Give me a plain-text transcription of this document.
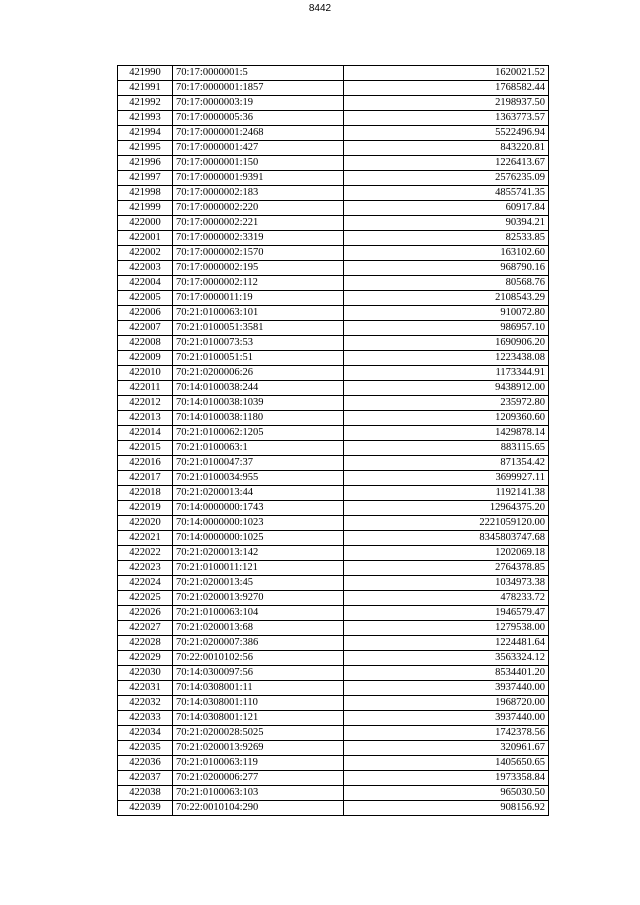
8442
421990	70:17:0000001:5	1620021.52
421991	70:17:0000001:1857	1768582.44
421992	70:17:0000003:19	2198937.50
421993	70:17:0000005:36	1363773.57
421994	70:17:0000001:2468	5522496.94
421995	70:17:0000001:427	843220.81
421996	70:17:0000001:150	1226413.67
421997	70:17:0000001:9391	2576235.09
421998	70:17:0000002:183	4855741.35
421999	70:17:0000002:220	60917.84
422000	70:17:0000002:221	90394.21
422001	70:17:0000002:3319	82533.85
422002	70:17:0000002:1570	163102.60
422003	70:17:0000002:195	968790.16
422004	70:17:0000002:112	80568.76
422005	70:17:0000011:19	2108543.29
422006	70:21:0100063:101	910072.80
422007	70:21:0100051:3581	986957.10
422008	70:21:0100073:53	1690906.20
422009	70:21:0100051:51	1223438.08
422010	70:21:0200006:26	1173344.91
422011	70:14:0100038:244	9438912.00
422012	70:14:0100038:1039	235972.80
422013	70:14:0100038:1180	1209360.60
422014	70:21:0100062:1205	1429878.14
422015	70:21:0100063:1	883115.65
422016	70:21:0100047:37	871354.42
422017	70:21:0100034:955	3699927.11
422018	70:21:0200013:44	1192141.38
422019	70:14:0000000:1743	12964375.20
422020	70:14:0000000:1023	2221059120.00
422021	70:14:0000000:1025	8345803747.68
422022	70:21:0200013:142	1202069.18
422023	70:21:0100011:121	2764378.85
422024	70:21:0200013:45	1034973.38
422025	70:21:0200013:9270	478233.72
422026	70:21:0100063:104	1946579.47
422027	70:21:0200013:68	1279538.00
422028	70:21:0200007:386	1224481.64
422029	70:22:0010102:56	3563324.12
422030	70:14:0300097:56	8534401.20
422031	70:14:0308001:11	3937440.00
422032	70:14:0308001:110	1968720.00
422033	70:14:0308001:121	3937440.00
422034	70:21:0200028:5025	1742378.56
422035	70:21:0200013:9269	320961.67
422036	70:21:0100063:119	1405650.65
422037	70:21:0200006:277	1973358.84
422038	70:21:0100063:103	965030.50
422039	70:22:0010104:290	908156.92
